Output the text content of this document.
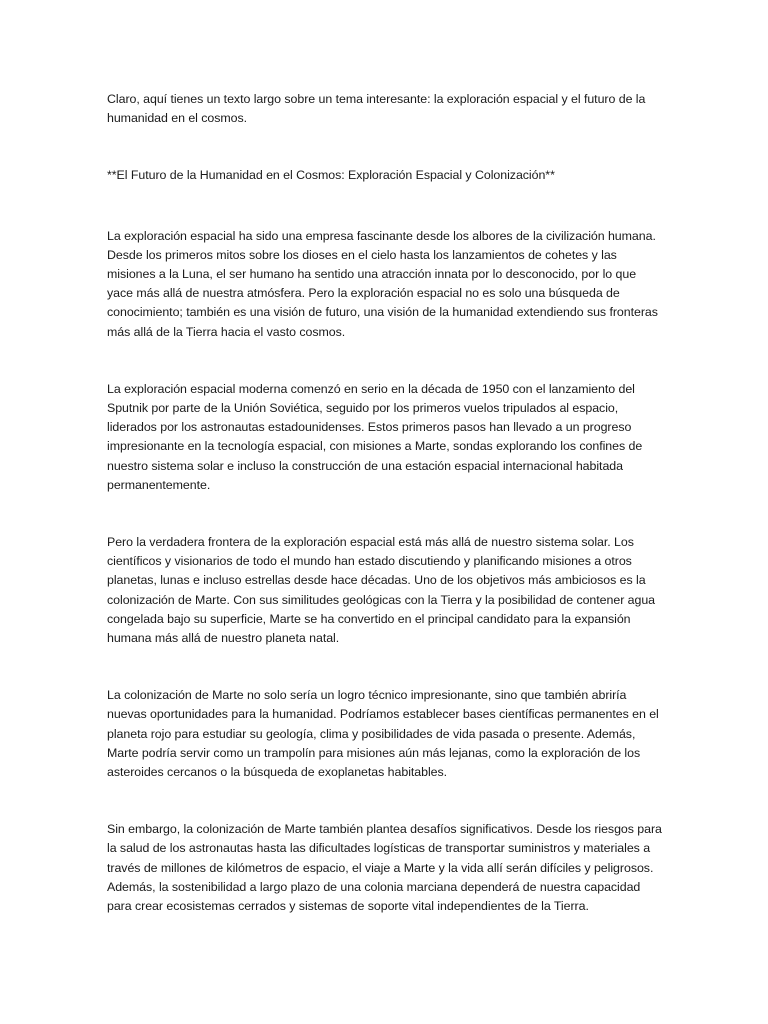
Claro, aquí tienes un texto largo sobre un tema interesante: la exploración espacial y el futuro de la humanidad en el cosmos.

**El Futuro de la Humanidad en el Cosmos: Exploración Espacial y Colonización**

La exploración espacial ha sido una empresa fascinante desde los albores de la civilización humana. Desde los primeros mitos sobre los dioses en el cielo hasta los lanzamientos de cohetes y las misiones a la Luna, el ser humano ha sentido una atracción innata por lo desconocido, por lo que yace más allá de nuestra atmósfera. Pero la exploración espacial no es solo una búsqueda de conocimiento; también es una visión de futuro, una visión de la humanidad extendiendo sus fronteras más allá de la Tierra hacia el vasto cosmos.

La exploración espacial moderna comenzó en serio en la década de 1950 con el lanzamiento del Sputnik por parte de la Unión Soviética, seguido por los primeros vuelos tripulados al espacio, liderados por los astronautas estadounidenses. Estos primeros pasos han llevado a un progreso impresionante en la tecnología espacial, con misiones a Marte, sondas explorando los confines de nuestro sistema solar e incluso la construcción de una estación espacial internacional habitada permanentemente.

Pero la verdadera frontera de la exploración espacial está más allá de nuestro sistema solar. Los científicos y visionarios de todo el mundo han estado discutiendo y planificando misiones a otros planetas, lunas e incluso estrellas desde hace décadas. Uno de los objetivos más ambiciosos es la colonización de Marte. Con sus similitudes geológicas con la Tierra y la posibilidad de contener agua congelada bajo su superficie, Marte se ha convertido en el principal candidato para la expansión humana más allá de nuestro planeta natal.

La colonización de Marte no solo sería un logro técnico impresionante, sino que también abriría nuevas oportunidades para la humanidad. Podríamos establecer bases científicas permanentes en el planeta rojo para estudiar su geología, clima y posibilidades de vida pasada o presente. Además, Marte podría servir como un trampolín para misiones aún más lejanas, como la exploración de los asteroides cercanos o la búsqueda de exoplanetas habitables.

Sin embargo, la colonización de Marte también plantea desafíos significativos. Desde los riesgos para la salud de los astronautas hasta las dificultades logísticas de transportar suministros y materiales a través de millones de kilómetros de espacio, el viaje a Marte y la vida allí serán difíciles y peligrosos. Además, la sostenibilidad a largo plazo de una colonia marciana dependerá de nuestra capacidad para crear ecosistemas cerrados y sistemas de soporte vital independientes de la Tierra.
